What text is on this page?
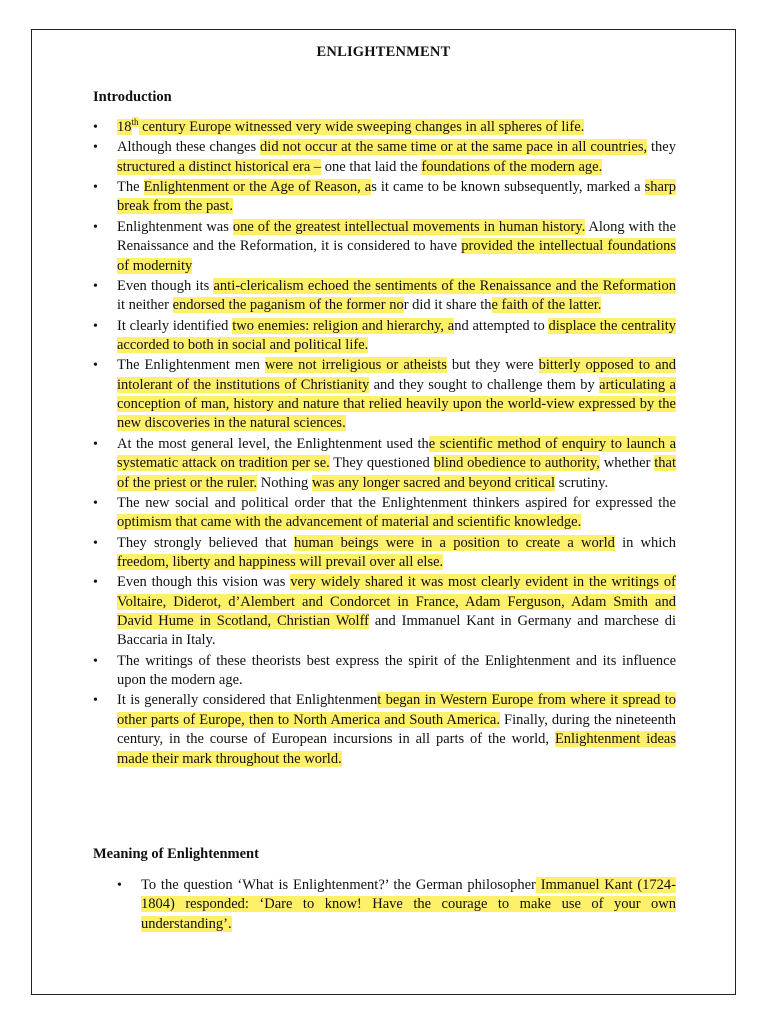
ENLIGHTENMENT
Introduction
• 18th century Europe witnessed very wide sweeping changes in all spheres of life.
• Although these changes did not occur at the same time or at the same pace in all countries, they structured a distinct historical era – one that laid the foundations of the modern age.
• The Enlightenment or the Age of Reason, as it came to be known subsequently, marked a sharp break from the past.
• Enlightenment was one of the greatest intellectual movements in human history. Along with the Renaissance and the Reformation, it is considered to have provided the intellectual foundations of modernity
• Even though its anti-clericalism echoed the sentiments of the Renaissance and the Reformation it neither endorsed the paganism of the former nor did it share the faith of the latter.
• It clearly identified two enemies: religion and hierarchy, and attempted to displace the centrality accorded to both in social and political life.
• The Enlightenment men were not irreligious or atheists but they were bitterly opposed to and intolerant of the institutions of Christianity and they sought to challenge them by articulating a conception of man, history and nature that relied heavily upon the world-view expressed by the new discoveries in the natural sciences.
• At the most general level, the Enlightenment used the scientific method of enquiry to launch a systematic attack on tradition per se. They questioned blind obedience to authority, whether that of the priest or the ruler. Nothing was any longer sacred and beyond critical scrutiny.
• The new social and political order that the Enlightenment thinkers aspired for expressed the optimism that came with the advancement of material and scientific knowledge.
• They strongly believed that human beings were in a position to create a world in which freedom, liberty and happiness will prevail over all else.
• Even though this vision was very widely shared it was most clearly evident in the writings of Voltaire, Diderot, d’Alembert and Condorcet in France, Adam Ferguson, Adam Smith and David Hume in Scotland, Christian Wolff and Immanuel Kant in Germany and marchese di Baccaria in Italy.
• The writings of these theorists best express the spirit of the Enlightenment and its influence upon the modern age.
• It is generally considered that Enlightenment began in Western Europe from where it spread to other parts of Europe, then to North America and South America. Finally, during the nineteenth century, in the course of European incursions in all parts of the world, Enlightenment ideas made their mark throughout the world.
Meaning of Enlightenment
• To the question ‘What is Enlightenment?’ the German philosopher Immanuel Kant (1724-1804) responded: ‘Dare to know! Have the courage to make use of your own understanding’.
